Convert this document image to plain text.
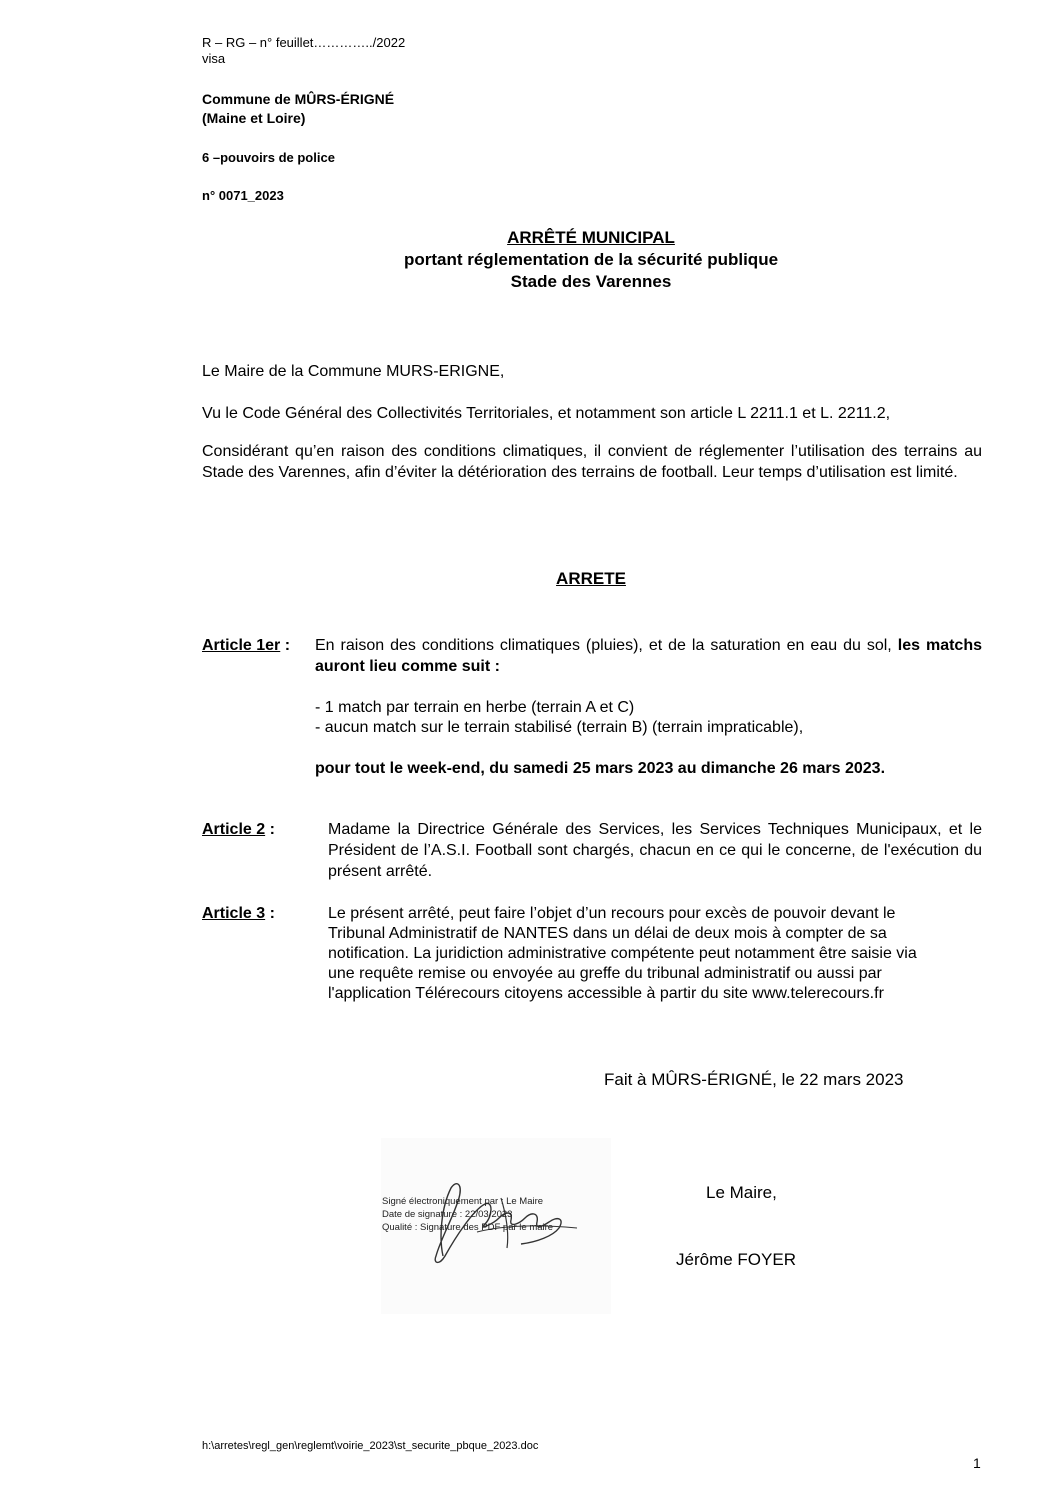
R – RG – n° feuillet…………../2022
visa
Commune de MÛRS-ÉRIGNÉ
(Maine et Loire)
6 –pouvoirs de police
n° 0071_2023
ARRÊTÉ MUNICIPAL
portant réglementation de la sécurité publique
Stade des Varennes
Le Maire de la Commune MURS-ERIGNE,
Vu le Code Général des Collectivités Territoriales, et notamment son article L 2211.1 et L. 2211.2,
Considérant qu’en raison des conditions climatiques, il convient de réglementer l’utilisation des terrains au Stade des Varennes, afin d’éviter la détérioration des terrains de football. Leur temps d’utilisation est limité.
ARRETE
Article 1er : En raison des conditions climatiques (pluies), et de la saturation en eau du sol, les matchs auront lieu comme suit :
- 1 match par terrain en herbe (terrain A et C)
- aucun match sur le terrain stabilisé (terrain B) (terrain impraticable),
pour tout le week-end, du samedi 25 mars 2023 au dimanche 26 mars 2023.
Article 2 :	Madame la Directrice Générale des Services, les Services Techniques Municipaux, et le Président de l’A.S.I. Football sont chargés, chacun en ce qui le concerne, de l'exécution du présent arrêté.
Article 3 :	Le présent arrêté, peut faire l’objet d’un recours pour excès de pouvoir devant le
Tribunal Administratif de NANTES dans un délai de deux mois à compter de sa
notification. La juridiction administrative compétente peut notamment être saisie via
une requête remise ou envoyée au greffe du tribunal administratif ou aussi par
l'application Télérecours citoyens accessible à partir du site www.telerecours.fr
Fait à MÛRS-ÉRIGNÉ, le 22 mars 2023
Signé électroniquement par : Le Maire
Date de signature : 22/03/2023
Qualité : Signature des PDF par le maire
Le Maire,
Jérôme FOYER
h:\arretes\regl_gen\reglemt\voirie_2023\st_securite_pbque_2023.doc
1
